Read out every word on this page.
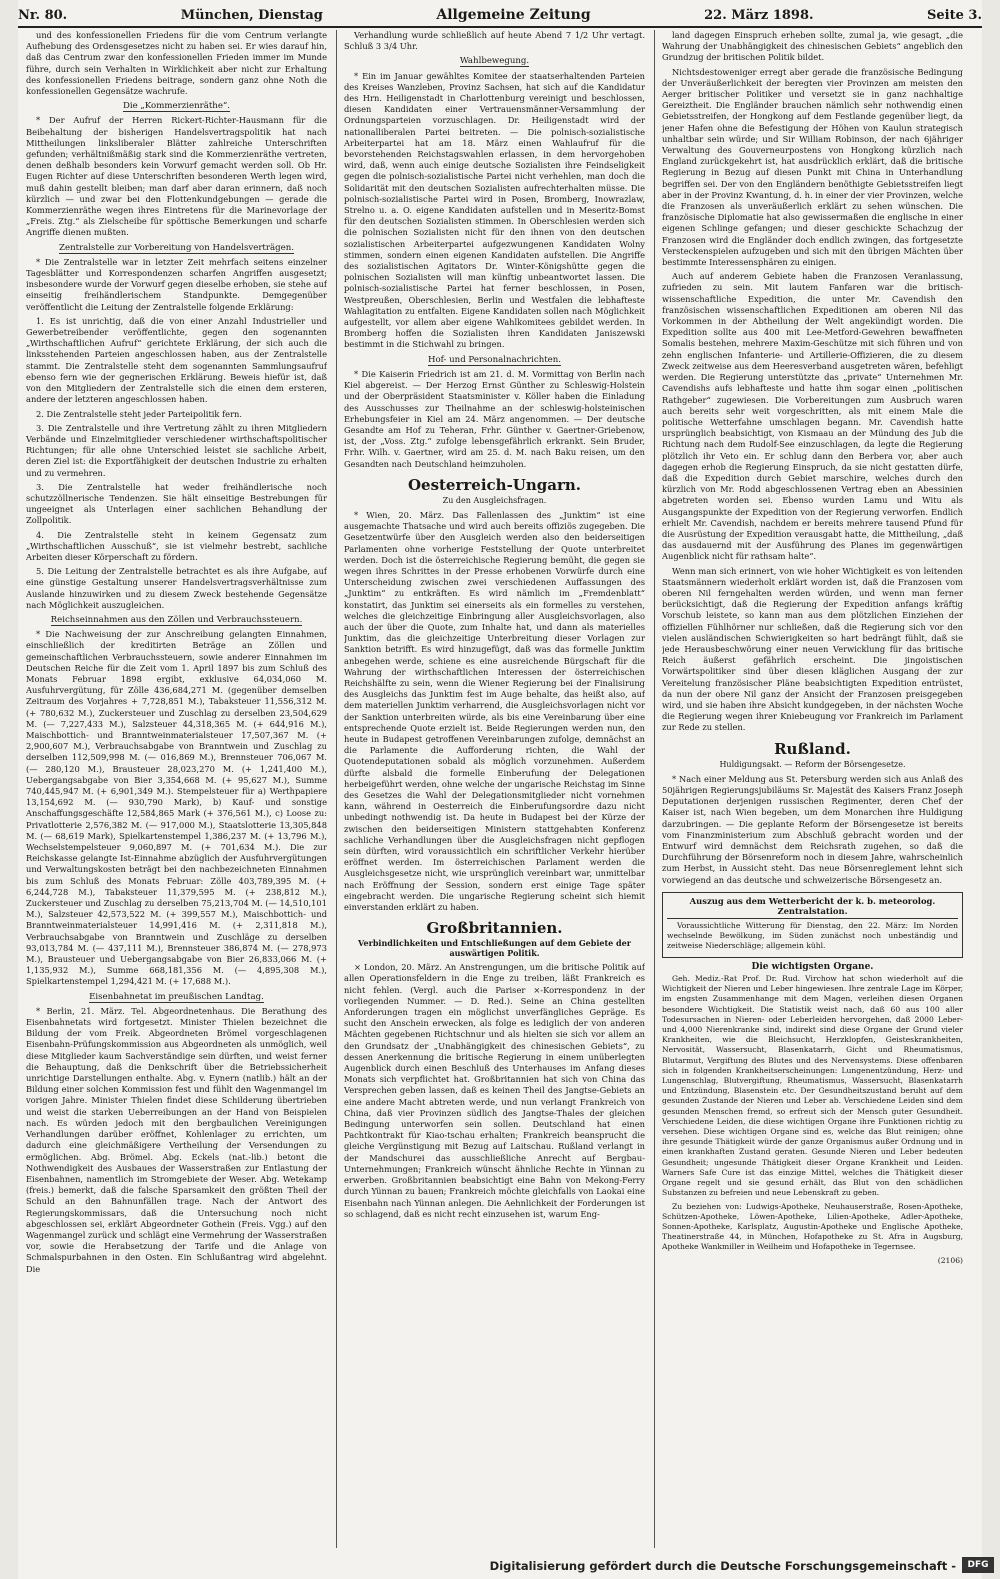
Nr. 80.	München, Dienstag	Allgemeine Zeitung	22. März 1898.	Seite 3.

und des konfessionellen Friedens für die vom Centrum verlangte Aufhebung des Ordensgesetzes nicht zu haben sei. Er wies darauf hin, daß das Centrum zwar den konfessionellen Frieden immer im Munde führe, durch sein Verhalten in Wirklichkeit aber nicht zur Erhaltung des konfessionellen Friedens beitrage, sondern ganz ohne Noth die konfessionellen Gegensätze wachrufe.

Die „Kommerzienräthe“.

* Der Aufruf der Herren Rickert-Richter-Hausmann für die Beibehaltung der bisherigen Handelsvertragspolitik hat nach Mittheilungen linksliberaler Blätter zahlreiche Unterschriften gefunden; verhältnißmäßig stark sind die Kommerzienräthe vertreten, denen deßhalb besonders kein Vorwurf gemacht werden soll. Ob Hr. Eugen Richter auf diese Unterschriften besonderen Werth legen wird, muß dahin gestellt bleiben; man darf aber daran erinnern, daß noch kürzlich — und zwar bei den Flottenkundgebungen — gerade die Kommerzienräthe wegen ihres Eintretens für die Marinevorlage der „Freis. Ztg.“ als Zielscheibe für spöttische Bemerkungen und scharfe Angriffe dienen mußten.

Zentralstelle zur Vorbereitung von Handelsverträgen.

* Die Zentralstelle war in letzter Zeit mehrfach seitens einzelner Tagesblätter und Korrespondenzen scharfen Angriffen ausgesetzt; insbesondere wurde der Vorwurf gegen dieselbe erhoben, sie stehe auf einseitig freihändlerischem Standpunkte. Demgegenüber veröffentlicht die Leitung der Zentralstelle folgende Erklärung:

1. Es ist unrichtig, daß die von einer Anzahl Industrieller und Gewerbetreibender veröffentlichte, gegen den sogenannten „Wirthschaftlichen Aufruf“ gerichtete Erklärung, der sich auch die linksstehenden Parteien angeschlossen haben, aus der Zentralstelle stammt. Die Zentralstelle steht dem sogenannten Sammlungsaufruf ebenso fern wie der gegnerischen Erklärung. Beweis hiefür ist, daß von den Mitgliedern der Zentralstelle sich die einen dem ersteren, andere der letzteren angeschlossen haben.

2. Die Zentralstelle steht jeder Parteipolitik fern.

3. Die Zentralstelle und ihre Vertretung zählt zu ihren Mitgliedern Verbände und Einzelmitglieder verschiedener wirthschaftspolitischer Richtungen; für alle ohne Unterschied leistet sie sachliche Arbeit, deren Ziel ist: die Exportfähigkeit der deutschen Industrie zu erhalten und zu vermehren.

3. Die Zentralstelle hat weder freihändlerische noch schutzzöllnerische Tendenzen. Sie hält einseitige Bestrebungen für ungeeignet als Unterlagen einer sachlichen Behandlung der Zollpolitik.

4. Die Zentralstelle steht in keinem Gegensatz zum „Wirthschaftlichen Ausschuß“, sie ist vielmehr bestrebt, sachliche Arbeiten dieser Körperschaft zu fördern.

5. Die Leitung der Zentralstelle betrachtet es als ihre Aufgabe, auf eine günstige Gestaltung unserer Handelsvertragsverhältnisse zum Auslande hinzuwirken und zu diesem Zweck bestehende Gegensätze nach Möglichkeit auszugleichen.

Reichseinnahmen aus den Zöllen und Verbrauchssteuern.

* Die Nachweisung der zur Anschreibung gelangten Einnahmen, einschließlich der kreditirten Beträge an Zöllen und gemeinschaftlichen Verbrauchssteuern, sowie anderer Einnahmen im Deutschen Reiche für die Zeit vom 1. April 1897 bis zum Schluß des Monats Februar 1898 ergibt, exklusive 64,034,060 M. Ausfuhrvergütung, für Zölle 436,684,271 M. (gegenüber demselben Zeitraum des Vorjahres + 7,728,851 M.), Tabaksteuer 11,556,312 M. (+ 780,632 M.), Zuckersteuer und Zuschlag zu derselben 23,504,629 M. (— 7,227,433 M.), Salzsteuer 44,318,365 M. (+ 644,916 M.), Maischbottich- und Branntweinmaterialsteuer 17,507,367 M. (+ 2,900,607 M.), Verbrauchsabgabe von Branntwein und Zuschlag zu derselben 112,509,998 M. (— 016,869 M.), Brennsteuer 706,067 M. (— 280,120 M.), Brausteuer 28,023,270 M. (+ 1,241,400 M.), Uebergangsabgabe von Bier 3,354,668 M. (+ 95,627 M.), Summe 740,445,947 M. (+ 6,901,349 M.). Stempelsteuer für a) Werthpapiere 13,154,692 M. (— 930,790 Mark), b) Kauf- und sonstige Anschaffungsgeschäfte 12,584,865 Mark (+ 376,561 M.), c) Loose zu: Privatlotterie 2,576,382 M. (— 917,000 M.), Staatslotterie 13,305,848 M. (— 68,619 Mark), Spielkartenstempel 1,386,237 M. (+ 13,796 M.), Wechselstempelsteuer 9,060,897 M. (+ 701,634 M.). Die zur Reichskasse gelangte Ist-Einnahme abzüglich der Ausfuhrvergütungen und Verwaltungskosten beträgt bei den nachbezeichneten Einnahmen bis zum Schluß des Monats Februar: Zölle 403,789,395 M. (+ 6,244,728 M.), Tabaksteuer 11,379,595 M. (+ 238,812 M.), Zuckersteuer und Zuschlag zu derselben 75,213,704 M. (— 14,510,101 M.), Salzsteuer 42,573,522 M. (+ 399,557 M.), Maischbottich- und Branntweinmaterialsteuer 14,991,416 M. (+ 2,311,818 M.), Verbrauchsabgabe von Branntwein und Zuschläge zu derselben 93,013,784 M. (— 437,111 M.), Brennsteuer 386,874 M. (— 278,973 M.), Brausteuer und Uebergangsabgabe von Bier 26,833,066 M. (+ 1,135,932 M.), Summe 668,181,356 M. (— 4,895,308 M.), Spielkartenstempel 1,294,421 M. (+ 17,688 M.).

Eisenbahnetat im preußischen Landtag.

* Berlin, 21. März. Tel. Abgeordnetenhaus. Die Berathung des Eisenbahnetats wird fortgesetzt. Minister Thielen bezeichnet die Bildung der vom Freik. Abgeordneten Brömel vorgeschlagenen Eisenbahn-Prüfungskommission aus Abgeordneten als unmöglich, weil diese Mitglieder kaum Sachverständige sein dürften, und weist ferner die Behauptung, daß die Denkschrift über die Betriebssicherheit unrichtige Darstellungen enthalte. Abg. v. Eynern (natlib.) hält an der Bildung einer solchen Kommission fest und fühlt den Wagenmangel im vorigen Jahre. Minister Thielen findet diese Schilderung übertrieben und weist die starken Ueberreibungen an der Hand von Beispielen nach. Es würden jedoch mit den bergbaulichen Vereinigungen Verhandlungen darüber eröffnet, Kohlenlager zu errichten, um dadurch eine gleichmäßigere Vertheilung der Versendungen zu ermöglichen. Abg. Brömel. Abg. Eckels (nat.-lib.) betont die Nothwendigkeit des Ausbaues der Wasserstraßen zur Entlastung der Eisenbahnen, namentlich im Stromgebiete der Weser. Abg. Wetekamp (freis.) bemerkt, daß die falsche Sparsamkeit den größten Theil der Schuld an den Bahnunfällen trage. Nach der Antwort des Regierungskommissars, daß die Untersuchung noch nicht abgeschlossen sei, erklärt Abgeordneter Gothein (Freis. Vgg.) auf den Wagenmangel zurück und schlägt eine Vermehrung der Wasserstraßen vor, sowie die Herabsetzung der Tarife und die Anlage von Schmalspurbahnen in den Osten. Ein Schlußantrag wird abgelehnt. Die

Verhandlung wurde schließlich auf heute Abend 7 1/2 Uhr vertagt. Schluß 3 3/4 Uhr.

Wahlbewegung.

* Ein im Januar gewähltes Komitee der staatserhaltenden Parteien des Kreises Wanzleben, Provinz Sachsen, hat sich auf die Kandidatur des Hrn. Heiligenstadt in Charlottenburg vereinigt und beschlossen, diesen Kandidaten einer Vertrauensmänner-Versammlung der Ordnungsparteien vorzuschlagen. Dr. Heiligenstadt wird der nationalliberalen Partei beitreten. — Die polnisch-sozialistische Arbeiterpartei hat am 18. März einen Wahlaufruf für die bevorstehenden Reichstagswahlen erlassen, in dem hervorgehoben wird, daß, wenn auch einige deutsche Sozialisten ihre Feindseligkeit gegen die polnisch-sozialistische Partei nicht verhehlen, man doch die Solidarität mit den deutschen Sozialisten aufrechterhalten müsse. Die polnisch-sozialistische Partei wird in Posen, Bromberg, Inowrazlaw, Strelno u. a. O. eigene Kandidaten aufstellen und in Meseritz-Bomst für den deutschen Sozialisten stimmen. In Oberschlesien werden sich die polnischen Sozialisten nicht für den ihnen von den deutschen sozialistischen Arbeiterpartei aufgezwungenen Kandidaten Wolny stimmen, sondern einen eigenen Kandidaten aufstellen. Die Angriffe des sozialistischen Agitators Dr. Winter-Königshütte gegen die polnischen Sozialisten will man künftig unbeantwortet lassen. Die polnisch-sozialistische Partei hat ferner beschlossen, in Posen, Westpreußen, Oberschlesien, Berlin und Westfalen die lebhafteste Wahlagitation zu entfalten. Eigene Kandidaten sollen nach Möglichkeit aufgestellt, vor allem aber eigene Wahlkomitees gebildet werden. In Bromberg hoffen die Sozialisten ihren Kandidaten Janiszewski bestimmt in die Stichwahl zu bringen.

Hof- und Personalnachrichten.

* Die Kaiserin Friedrich ist am 21. d. M. Vormittag von Berlin nach Kiel abgereist. — Der Herzog Ernst Günther zu Schleswig-Holstein und der Oberpräsident Staatsminister v. Köller haben die Einladung des Ausschusses zur Theilnahme an der schleswig-holsteinischen Erhebungsfeier in Kiel am 24. März angenommen. — Der deutsche Gesandte am Hof zu Teheran, Frhr. Günther v. Gaertner-Griebenow, ist, der „Voss. Ztg.“ zufolge lebensgefährlich erkrankt. Sein Bruder, Frhr. Wilh. v. Gaertner, wird am 25. d. M. nach Baku reisen, um den Gesandten nach Deutschland heimzuholen.

Oesterreich-Ungarn.

Zu den Ausgleichsfragen.

* Wien, 20. März. Das Fallenlassen des „Junktim“ ist eine ausgemachte Thatsache und wird auch bereits offiziös zugegeben. Die Gesetzentwürfe über den Ausgleich werden also den beiderseitigen Parlamenten ohne vorherige Feststellung der Quote unterbreitet werden. Doch ist die österreichische Regierung bemüht, die gegen sie wegen ihres Schrittes in der Presse erhobenen Vorwürfe durch eine Unterscheidung zwischen zwei verschiedenen Auffassungen des „Junktim“ zu entkräften. Es wird nämlich im „Fremdenblatt“ konstatirt, das Junktim sei einerseits als ein formelles zu verstehen, welches die gleichzeitige Einbringung aller Ausgleichsvorlagen, also auch der über die Quote, zum Inhalte hat, und dann als materielles Junktim, das die gleichzeitige Unterbreitung dieser Vorlagen zur Sanktion betrifft. Es wird hinzugefügt, daß was das formelle Junktim anbegehen werde, schiene es eine ausreichende Bürgschaft für die Wahrung der wirthschaftlichen Interessen der österreichischen Reichshälfte zu sein, wenn die Wiener Regierung bei der Finalisirung des Ausgleichs das Junktim fest im Auge behalte, das heißt also, auf dem materiellen Junktim verharrend, die Ausgleichsvorlagen nicht vor der Sanktion unterbreiten würde, als bis eine Vereinbarung über eine entsprechende Quote erzielt ist. Beide Regierungen werden nun, den heute in Budapest getroffenen Vereinbarungen zufolge, demnächst an die Parlamente die Aufforderung richten, die Wahl der Quotendeputationen sobald als möglich vorzunehmen. Außerdem dürfte alsbald die formelle Einberufung der Delegationen herbeigeführt werden, ohne welche der ungarische Reichstag im Sinne des Gesetzes die Wahl der Delegationsmitglieder nicht vornehmen kann, während in Oesterreich die Einberufungsordre dazu nicht unbedingt nothwendig ist. Da heute in Budapest bei der Kürze der zwischen den beiderseitigen Ministern stattgehabten Konferenz sachliche Verhandlungen über die Ausgleichsfragen nicht gepflogen sein dürften, wird voraussichtlich ein schriftlicher Verkehr hierüber eröffnet werden. Im österreichischen Parlament werden die Ausgleichsgesetze nicht, wie ursprünglich vereinbart war, unmittelbar nach Eröffnung der Session, sondern erst einige Tage später eingebracht werden. Die ungarische Regierung scheint sich hiemit einverstanden erklärt zu haben.

Großbritannien.

Verbindlichkeiten und Entschließungen auf dem Gebiete der auswärtigen Politik.

× London, 20. März. An Anstrengungen, um die britische Politik auf allen Operationsfeldern in die Enge zu treiben, läßt Frankreich es nicht fehlen. (Vergl. auch die Pariser ×-Korrespondenz in der vorliegenden Nummer. — D. Red.). Seine an China gestellten Anforderungen tragen ein möglichst unverfängliches Gepräge. Es sucht den Anschein erwecken, als folge es lediglich der von anderen Mächten gegebenen Richtschnur und als hielten sie sich vor allem an den Grundsatz der „Unabhängigkeit des chinesischen Gebiets“, zu dessen Anerkennung die britische Regierung in einem unüberlegten Augenblick durch einen Beschluß des Unterhauses im Anfang dieses Monats sich verpflichtet hat. Großbritannien hat sich von China das Versprechen geben lassen, daß es keinen Theil des Jangtse-Gebiets an eine andere Macht abtreten werde, und nun verlangt Frankreich von China, daß vier Provinzen südlich des Jangtse-Thales der gleichen Bedingung unterworfen sein sollen. Deutschland hat einen Pachtkontrakt für Kiao-tschau erhalten; Frankreich beansprucht die gleiche Vergünstigung mit Bezug auf Laitschau. Rußland verlangt in der Mandschurei das ausschließliche Anrecht auf Bergbau-Unternehmungen; Frankreich wünscht ähnliche Rechte in Yünnan zu erwerben. Großbritannien beabsichtigt eine Bahn von Mekong-Ferry durch Yünnan zu bauen; Frankreich möchte gleichfalls von Laokai eine Eisenbahn nach Yünnan anlegen. Die Aehnlichkeit der Forderungen ist so schlagend, daß es nicht recht einzusehen ist, warum Eng-

land dagegen Einspruch erheben sollte, zumal ja, wie gesagt, „die Wahrung der Unabhängigkeit des chinesischen Gebiets“ angeblich den Grundzug der britischen Politik bildet.

Nichtsdestoweniger erregt aber gerade die französische Bedingung der Unveräußerlichkeit der beregten vier Provinzen am meisten den Aerger britischer Politiker und versetzt sie in ganz nachhaltige Gereiztheit. Die Engländer brauchen nämlich sehr nothwendig einen Gebietsstreifen, der Hongkong auf dem Festlande gegenüber liegt, da jener Hafen ohne die Befestigung der Höhen von Kaulun strategisch unhaltbar sein würde; und Sir William Robinson, der nach 6jähriger Verwaltung des Gouverneurpostens von Hongkong kürzlich nach England zurückgekehrt ist, hat ausdrücklich erklärt, daß die britische Regierung in Bezug auf diesen Punkt mit China in Unterhandlung begriffen sei. Der von den Engländern benöthigte Gebietsstreifen liegt aber in der Provinz Kwantung, d. h. in einer der vier Provinzen, welche die Franzosen als unveräußerlich erklärt zu sehen wünschen. Die französische Diplomatie hat also gewissermaßen die englische in einer eigenen Schlinge gefangen; und dieser geschickte Schachzug der Franzosen wird die Engländer doch endlich zwingen, das fortgesetzte Versteckenspielen aufzugeben und sich mit den übrigen Mächten über bestimmte Interessensphären zu einigen.

Auch auf anderem Gebiete haben die Franzosen Veranlassung, zufrieden zu sein. Mit lautem Fanfaren war die britisch-wissenschaftliche Expedition, die unter Mr. Cavendish den französischen wissenschaftlichen Expeditionen am oberen Nil das Vorkommen in der Abtheilung der Welt angekündigt worden. Die Expedition sollte aus 400 mit Lee-Metford-Gewehren bewaffneten Somalis bestehen, mehrere Maxim-Geschütze mit sich führen und von zehn englischen Infanterie- und Artillerie-Offizieren, die zu diesem Zweck zeitweise aus dem Heeresverband ausgetreten wären, befehligt werden. Die Regierung unterstützte das „private“ Unternehmen Mr. Cavendishs aufs lebhafteste und hatte ihm sogar einen „politischen Rathgeber“ zugewiesen. Die Vorbereitungen zum Ausbruch waren auch bereits sehr weit vorgeschritten, als mit einem Male die politische Wetterfahne umschlagen begann. Mr. Cavendish hatte ursprünglich beabsichtigt, von Kismaau an der Mündung des Jub die Richtung nach dem Rudolf-See einzuschlagen, da legte die Regierung plötzlich ihr Veto ein. Er schlug dann den Berbera vor, aber auch dagegen erhob die Regierung Einspruch, da sie nicht gestatten dürfe, daß die Expedition durch Gebiet marschire, welches durch den kürzlich von Mr. Rodd abgeschlossenen Vertrag eben an Abessinien abgetreten worden sei. Ebenso wurden Lamu und Witu als Ausgangspunkte der Expedition von der Regierung verworfen. Endlich erhielt Mr. Cavendish, nachdem er bereits mehrere tausend Pfund für die Ausrüstung der Expedition verausgabt hatte, die Mittheilung, „daß das ausdauernd mit der Ausführung des Planes im gegenwärtigen Augenblick nicht für rathsam halte“.

Wenn man sich erinnert, von wie hoher Wichtigkeit es von leitenden Staatsmännern wiederholt erklärt worden ist, daß die Franzosen vom oberen Nil ferngehalten werden würden, und wenn man ferner berücksichtigt, daß die Regierung der Expedition anfangs kräftig Vorschub leistete, so kann man aus dem plötzlichen Einziehen der offiziellen Fühlhörner nur schließen, daß die Regierung sich vor den vielen ausländischen Schwierigkeiten so hart bedrängt fühlt, daß sie jede Herausbeschwörung einer neuen Verwicklung für das britische Reich äußerst gefährlich erscheint. Die jingoistischen Vorwärtspolitiker sind über diesen kläglichen Ausgang der zur Vereitelung französischer Pläne beabsichtigten Expedition entrüstet, da nun der obere Nil ganz der Ansicht der Franzosen preisgegeben wird, und sie haben ihre Absicht kundgegeben, in der nächsten Woche die Regierung wegen ihrer Kniebeugung vor Frankreich im Parlament zur Rede zu stellen.

Rußland.

Huldigungsakt. — Reform der Börsengesetze.

* Nach einer Meldung aus St. Petersburg werden sich aus Anlaß des 50jährigen Regierungsjubiläums Sr. Majestät des Kaisers Franz Joseph Deputationen derjenigen russischen Regimenter, deren Chef der Kaiser ist, nach Wien begeben, um dem Monarchen ihre Huldigung darzubringen. — Die geplante Reform der Börsengesetze ist bereits vom Finanzministerium zum Abschluß gebracht worden und der Entwurf wird demnächst dem Reichsrath zugehen, so daß die Durchführung der Börsenreform noch in diesem Jahre, wahrscheinlich zum Herbst, in Aussicht steht. Das neue Börsenreglement lehnt sich vorwiegend an das deutsche und schweizerische Börsengesetz an.

Auszug aus dem Wetterbericht der k. b. meteorolog. Zentralstation.

Voraussichtliche Witterung für Dienstag, den 22. März: Im Norden wechselnde Bewölkung, im Süden zunächst noch unbeständig und zeitweise Niederschläge; allgemein kühl.

Die wichtigsten Organe.

Geh. Mediz.-Rat Prof. Dr. Rud. Virchow hat schon wiederholt auf die Wichtigkeit der Nieren und Leber hingewiesen. Ihre zentrale Lage im Körper, im engsten Zusammenhange mit dem Magen, verleihen diesen Organen besondere Wichtigkeit. Die Statistik weist nach, daß 60 aus 100 aller Todesursachen in Nieren- oder Leberleiden hervorgehen, daß 2000 Leber- und 4,000 Nierenkranke sind, indirekt sind diese Organe der Grund vieler Krankheiten, wie die Bleichsucht, Herzklopfen, Geisteskrankheiten, Nervosität, Wassersucht, Blasenkatarrh, Gicht und Rheumatismus, Blutarmut, Vergiftung des Blutes und des Nervensystems. Diese offenbaren sich in folgenden Krankheitserscheinungen: Lungenentzündung, Herz- und Lungenschlag, Blutvergiftung, Rheumatismus, Wassersucht, Blasenkatarrh und Entzündung, Blasenstein etc. Der Gesundheitszustand beruht auf dem gesunden Zustande der Nieren und Leber ab. Verschiedene Leiden sind dem gesunden Menschen fremd, so erfreut sich der Mensch guter Gesundheit. Verschiedene Leiden, die diese wichtigen Organe ihre Funktionen richtig zu versehen. Diese wichtigen Organe sind es, welche das Blut reinigen; ohne ihre gesunde Thätigkeit würde der ganze Organismus außer Ordnung und in einen krankhaften Zustand geraten. Gesunde Nieren und Leber bedeuten Gesundheit; ungesunde Thätigkeit dieser Organe Krankheit und Leiden. Warners Safe Cure ist das einzige Mittel, welches die Thätigkeit dieser Organe regelt und sie gesund erhält, das Blut von den schädlichen Substanzen zu befreien und neue Lebenskraft zu geben.

Zu beziehen von: Ludwigs-Apotheke, Neuhauserstraße, Rosen-Apotheke, Schützen-Apotheke, Löwen-Apotheke, Lilien-Apotheke, Adler-Apotheke, Sonnen-Apotheke, Karlsplatz, Augustin-Apotheke und Englische Apotheke, Theatinerstraße 44, in München, Hofapotheke zu St. Afra in Augsburg, Apotheke Wankmiller in Weilheim und Hofapotheke in Tegernsee.

(2106)

Digitalisierung gefördert durch die Deutsche Forschungsgemeinschaft -	DFG
